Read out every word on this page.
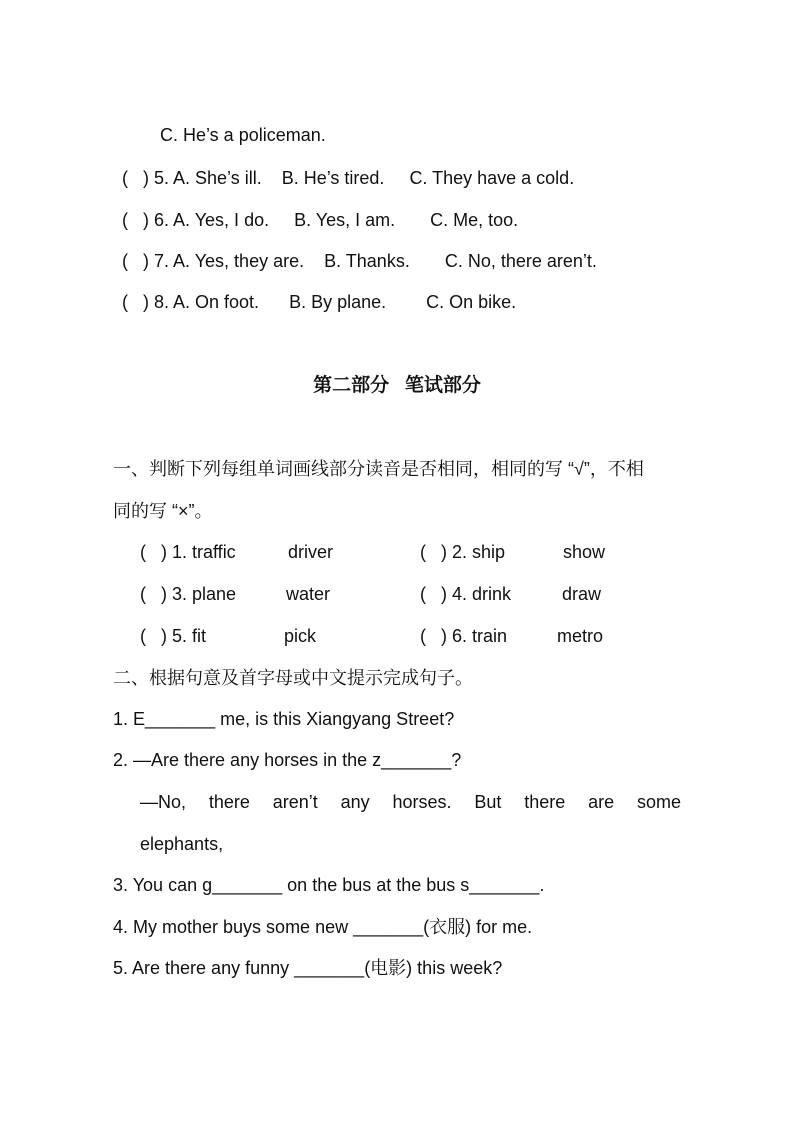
C. He’s a policeman.
(   ) 5. A. She’s ill.    B. He’s tired.     C. They have a cold.
(   ) 6. A. Yes, I do.     B. Yes, I am.       C. Me, too.
(   ) 7. A. Yes, they are.    B. Thanks.       C. No, there aren’t.
(   ) 8. A. On foot.      B. By plane.        C. On bike.
第二部分   笔试部分
一、判断下列每组单词画线部分读音是否相同，相同的写 “√”，不相
同的写 “×”。
(   ) 1. traffic	driver	(   ) 2. ship	show
(   ) 3. plane	water	(   ) 4. drink	draw
(   ) 5. fit	pick	(   ) 6. train	metro
二、根据句意及首字母或中文提示完成句子。
1. E_______ me, is this Xiangyang Street?
2. —Are there any horses in the z_______?
—No, there aren’t any horses. But there are some
elephants,
3. You can g_______ on the bus at the bus s_______.
4. My mother buys some new _______(衣服) for me.
5. Are there any funny _______(电影) this week?
